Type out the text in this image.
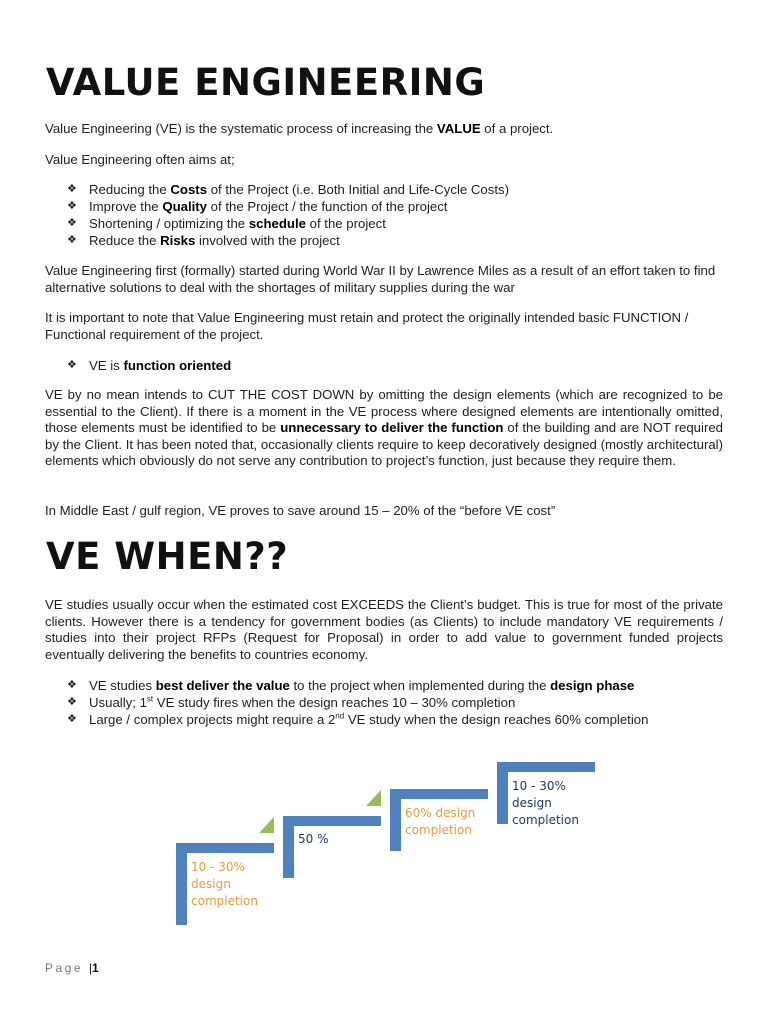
VALUE ENGINEERING

Value Engineering (VE) is the systematic process of increasing the VALUE of a project.

Value Engineering often aims at;

❖ Reducing the Costs of the Project (i.e. Both Initial and Life-Cycle Costs)
❖ Improve the Quality of the Project / the function of the project
❖ Shortening / optimizing the schedule of the project
❖ Reduce the Risks involved with the project

Value Engineering first (formally) started during World War II by Lawrence Miles as a result of an effort taken to find alternative solutions to deal with the shortages of military supplies during the war

It is important to note that Value Engineering must retain and protect the originally intended basic FUNCTION / Functional requirement of the project.

❖ VE is function oriented

VE by no mean intends to CUT THE COST DOWN by omitting the design elements (which are recognized to be essential to the Client). If there is a moment in the VE process where designed elements are intentionally omitted, those elements must be identified to be unnecessary to deliver the function of the building and are NOT required by the Client. It has been noted that, occasionally clients require to keep decoratively designed (mostly architectural) elements which obviously do not serve any contribution to project’s function, just because they require them.

In Middle East / gulf region, VE proves to save around 15 – 20% of the “before VE cost”

VE WHEN??

VE studies usually occur when the estimated cost EXCEEDS the Client’s budget. This is true for most of the private clients. However there is a tendency for government bodies (as Clients) to include mandatory VE requirements / studies into their project RFPs (Request for Proposal) in order to add value to government funded projects eventually delivering the benefits to countries economy.

❖ VE studies best deliver the value to the project when implemented during the design phase
❖ Usually; 1st VE study fires when the design reaches 10 – 30% completion
❖ Large / complex projects might require a 2nd VE study when the design reaches 60% completion
10 - 30%
design
completion
50 %
60% design
completion
10 - 30%
design
completion
Page |1
